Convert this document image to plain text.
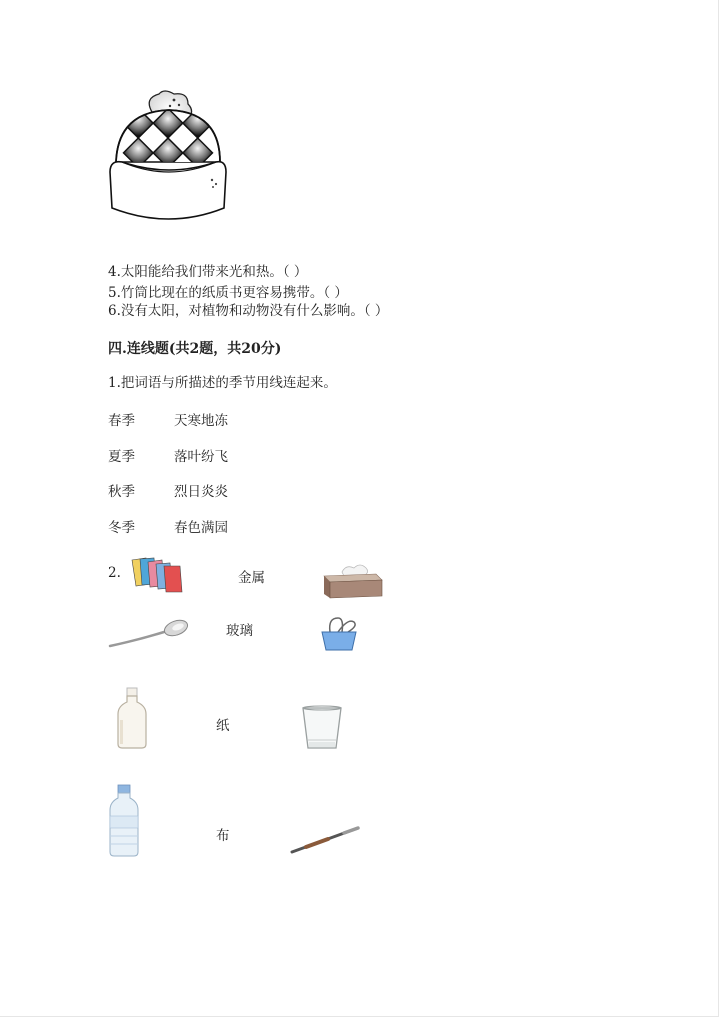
4.太阳能给我们带来光和热。（ ）
5.竹筒比现在的纸质书更容易携带。（ ）
6.没有太阳，对植物和动物没有什么影响。（ ）
四.连线题(共2题，共20分)
1.把词语与所描述的季节用线连起来。
春季
夏季
秋季
冬季
天寒地冻
落叶纷飞
烈日炎炎
春色满园
2.	金属
玻璃
纸
布
